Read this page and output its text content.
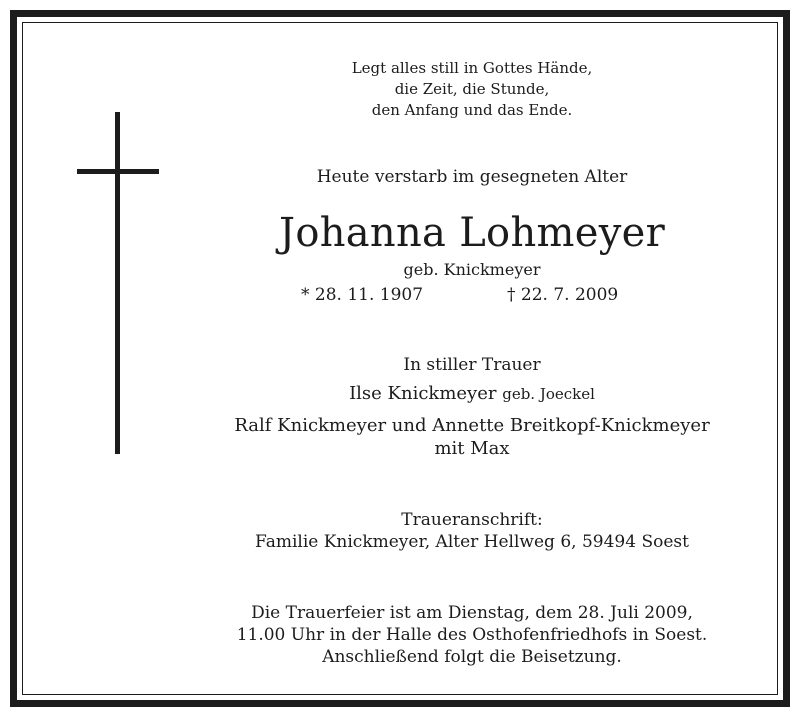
Legt alles still in Gottes Hände,
die Zeit, die Stunde,
den Anfang und das Ende.
Heute verstarb im gesegneten Alter
Johanna Lohmeyer
geb. Knickmeyer
* 28. 11. 1907	† 22. 7. 2009
In stiller Trauer
Ilse Knickmeyer geb. Joeckel
Ralf Knickmeyer und Annette Breitkopf-Knickmeyer
mit Max
Traueranschrift:
Familie Knickmeyer, Alter Hellweg 6, 59494 Soest
Die Trauerfeier ist am Dienstag, dem 28. Juli 2009,
11.00 Uhr in der Halle des Osthofenfriedhofs in Soest.
Anschließend folgt die Beisetzung.
